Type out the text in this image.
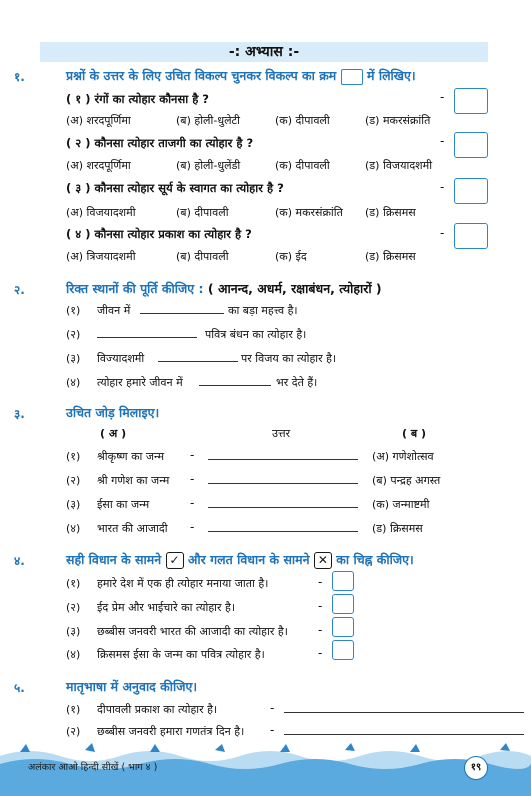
-: अभ्यास :-
१.	प्रश्नों के उत्तर के लिए उचित विकल्प चुनकर विकल्प का क्रम में लिखिए।
( १ ) रंगों का त्योहार कौनसा है ?	-
(अ) शरदपूर्णिमा	(ब) होली-धुलेटी	(क) दीपावली	(ड) मकरसंक्रांति
( २ ) कौनसा त्योहार ताजगी का त्योहार है ?	-
(अ) शरदपूर्णिमा	(ब) होली-धुलेंडी	(क) दीपावली	(ड) विजयादशमी
( ३ ) कौनसा त्योहार सूर्य के स्वागत का त्योहार है ?	-
(अ) विजयादशमी	(ब) दीपावली	(क) मकरसंक्रांति (ड) क्रिसमस
( ४ ) कौनसा त्योहार प्रकाश का त्योहार है ?	-
(अ) त्रिजयादशमी	(ब) दीपावली	(क) ईद	(ड) क्रिसमस
२.	रिक्त स्थानों की पूर्ति कीजिए : ( आनन्द, अधर्म, रक्षाबंधन, त्योहारों )
(१) जीवन में	का बड़ा महत्त्व है।
(२)	पवित्र बंधन का त्योहार है।
(३) विज्यादशमी	पर विजय का त्योहार है।
(४) त्योहार हमारे जीवन में	भर देते हैं।
३.	उचित जोड़ मिलाइए।
( अ )	उत्तर	( ब )
(१) श्रीकृष्ण का जन्म -	(अ) गणेशोत्सव
(२) श्री गणेश का जन्म -	(ब) पन्द्रह अगस्त
(३) ईसा का जन्म	-	(क) जन्माष्टमी
(४) भारत की आजादी -	(ड) क्रिसमस
४.	सही विधान के सामने ✓ और गलत विधान के सामने ✕ का चिह्न कीजिए।
(१) हमारे देश में एक ही त्योहार मनाया जाता है।	-
(२) ईद प्रेम और भाईचारे का त्योहार है।	-
(३) छब्बीस जनवरी भारत की आजादी का त्योहार है।	-
(४) क्रिसमस ईसा के जन्म का पवित्र त्योहार है।	-
५.	मातृभाषा में अनुवाद कीजिए।
(१) दीपावली प्रकाश का त्योहार है।	-
(२) छब्बीस जनवरी हमारा गणतंत्र दिन है। -
अलंकार आओ हिन्दी सीखें ( भाग ४ )	१९
